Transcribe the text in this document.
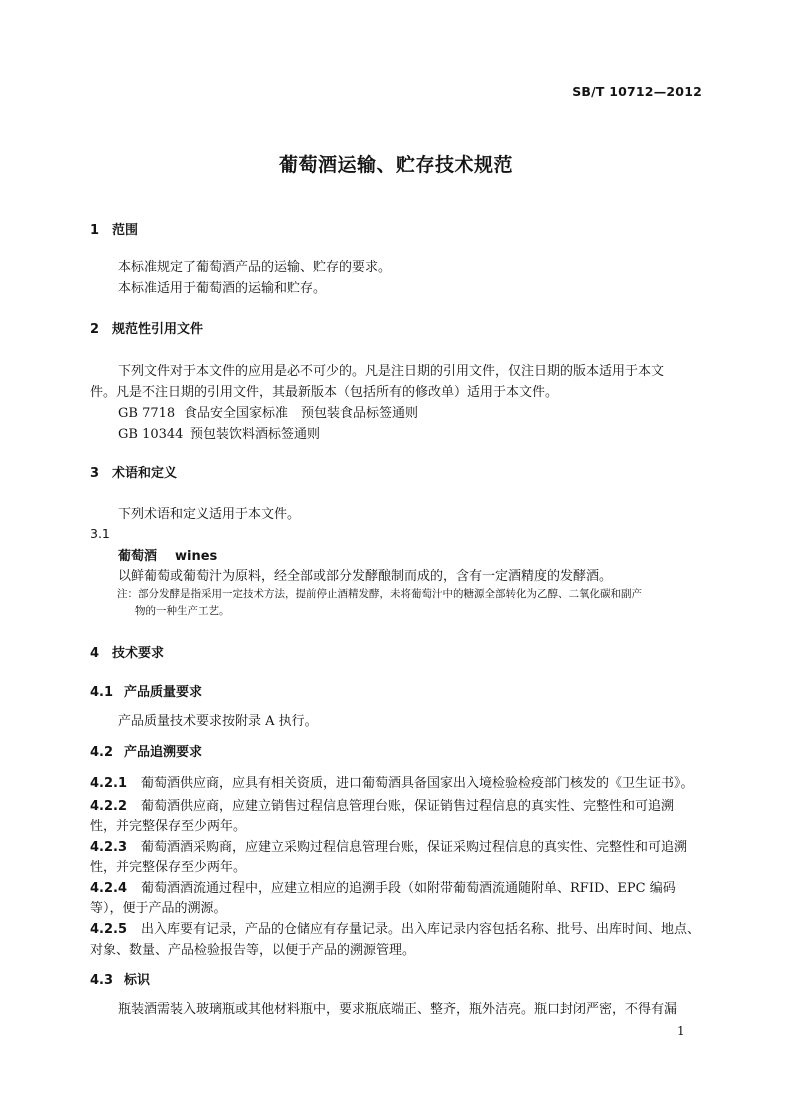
SB/T 10712—2012
葡萄酒运输、贮存技术规范
1 范围
本标准规定了葡萄酒产品的运输、贮存的要求。
本标准适用于葡萄酒的运输和贮存。
2 规范性引用文件
下列文件对于本文件的应用是必不可少的。凡是注日期的引用文件，仅注日期的版本适用于本文
件。凡是不注日期的引用文件，其最新版本（包括所有的修改单）适用于本文件。
GB 7718 食品安全国家标准　预包装食品标签通则
GB 10344 预包装饮料酒标签通则
3 术语和定义
下列术语和定义适用于本文件。
3.1
葡萄酒 wines
以鲜葡萄或葡萄汁为原料，经全部或部分发酵酿制而成的，含有一定酒精度的发酵酒。
注：部分发酵是指采用一定技术方法，提前停止酒精发酵，未将葡萄汁中的糖源全部转化为乙醇、二氧化碳和副产
物的一种生产工艺。
4 技术要求
4.1 产品质量要求
产品质量技术要求按附录 A 执行。
4.2 产品追溯要求
4.2.1 葡萄酒供应商，应具有相关资质，进口葡萄酒具备国家出入境检验检疫部门核发的《卫生证书》。
4.2.2 葡萄酒供应商，应建立销售过程信息管理台账，保证销售过程信息的真实性、完整性和可追溯
性，并完整保存至少两年。
4.2.3 葡萄酒酒采购商，应建立采购过程信息管理台账，保证采购过程信息的真实性、完整性和可追溯
性，并完整保存至少两年。
4.2.4 葡萄酒酒流通过程中，应建立相应的追溯手段（如附带葡萄酒流通随附单、RFID、EPC 编码
等），便于产品的溯源。
4.2.5 出入库要有记录，产品的仓储应有存量记录。出入库记录内容包括名称、批号、出库时间、地点、
对象、数量、产品检验报告等，以便于产品的溯源管理。
4.3 标识
瓶装酒需装入玻璃瓶或其他材料瓶中，要求瓶底端正、整齐，瓶外洁亮。瓶口封闭严密，不得有漏
1
